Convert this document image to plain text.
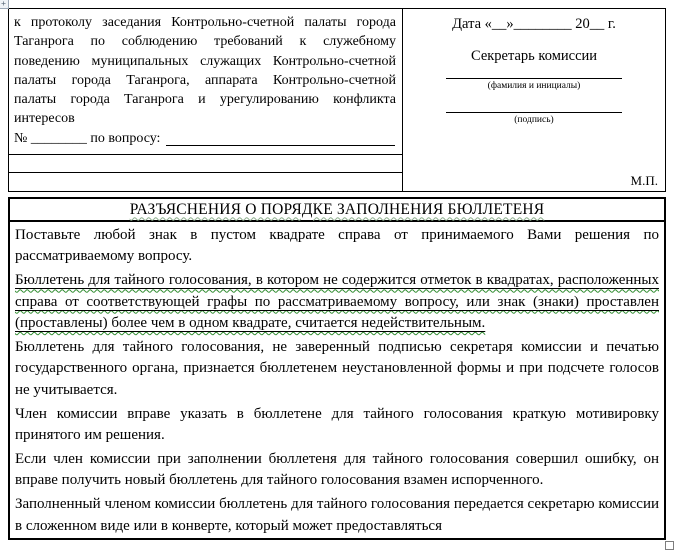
+
к протоколу заседания Контрольно-счетной палаты города Таганрога по соблюдению требований к служебному поведению муниципальных служащих Контрольно-счетной палаты города Таганрога, аппарата Контрольно-счетной палаты города Таганрога и урегулированию конфликта интересов
№ ________ по вопросу:
Дата «__»________ 20__ г.
Секретарь комиссии
(фамилия и инициалы)
(подпись)
М.П.
РАЗЪЯСНЕНИЯ О ПОРЯДКЕ ЗАПОЛНЕНИЯ БЮЛЛЕТЕНЯ

Поставьте любой знак в пустом квадрате справа от принимаемого Вами решения по рассматриваемому вопросу.

Бюллетень для тайного голосования, в котором не содержится отметок в квадратах, расположенных справа от соответствующей графы по рассматриваемому вопросу, или знак (знаки) проставлен (проставлены) более чем в одном квадрате, считается недействительным.

Бюллетень для тайного голосования, не заверенный подписью секретаря комиссии и печатью государственного органа, признается бюллетенем неустановленной формы и при подсчете голосов не учитывается.

Член комиссии вправе указать в бюллетене для тайного голосования краткую мотивировку принятого им решения.

Если член комиссии при заполнении бюллетеня для тайного голосования совершил ошибку, он вправе получить новый бюллетень для тайного голосования взамен испорченного.

Заполненный членом комиссии бюллетень для тайного голосования передается секретарю комиссии в сложенном виде или в конверте, который может предоставляться
